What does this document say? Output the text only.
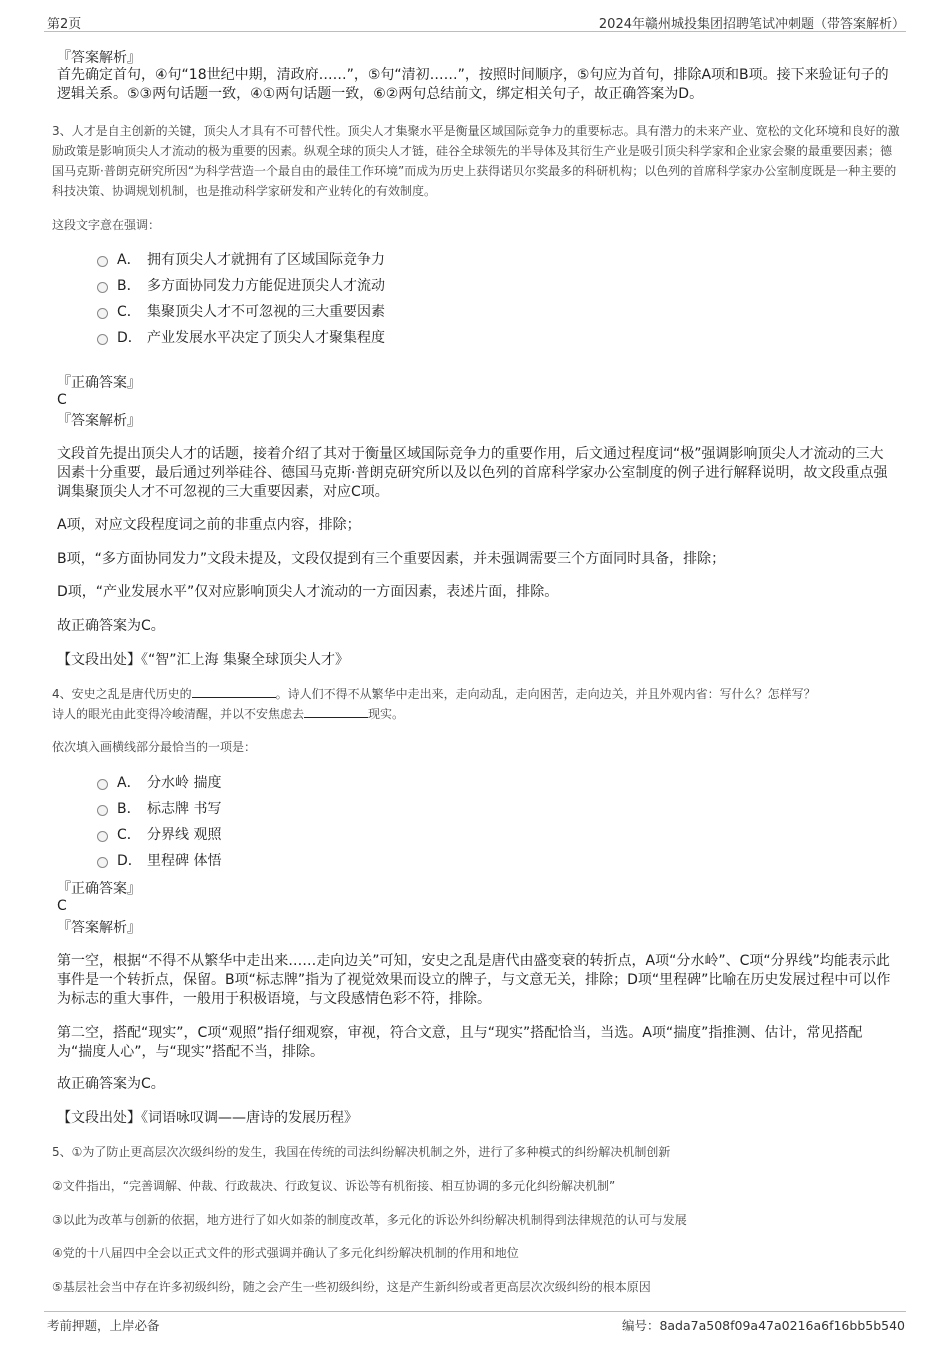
第2页	2024年赣州城投集团招聘笔试冲刺题（带答案解析）
『答案解析』
首先确定首句，④句“18世纪中期，清政府……”，⑤句“清初……”，按照时间顺序，⑤句应为首句，排除A项和B项。接下来验证句子的逻辑关系。⑤③两句话题一致，④①两句话题一致，⑥②两句总结前文，绑定相关句子，故正确答案为D。
3、人才是自主创新的关键，顶尖人才具有不可替代性。顶尖人才集聚水平是衡量区域国际竞争力的重要标志。具有潜力的未来产业、宽松的文化环境和良好的激励政策是影响顶尖人才流动的极为重要的因素。纵观全球的顶尖人才链，硅谷全球领先的半导体及其衍生产业是吸引顶尖科学家和企业家会聚的最重要因素；德国马克斯·普朗克研究所因“为科学营造一个最自由的最佳工作环境”而成为历史上获得诺贝尔奖最多的科研机构；以色列的首席科学家办公室制度既是一种主要的科技决策、协调规划机制，也是推动科学家研发和产业转化的有效制度。
这段文字意在强调：
A． 拥有顶尖人才就拥有了区域国际竞争力
B． 多方面协同发力方能促进顶尖人才流动
C． 集聚顶尖人才不可忽视的三大重要因素
D． 产业发展水平决定了顶尖人才聚集程度
『正确答案』
C
『答案解析』
文段首先提出顶尖人才的话题，接着介绍了其对于衡量区域国际竞争力的重要作用，后文通过程度词“极”强调影响顶尖人才流动的三大因素十分重要，最后通过列举硅谷、德国马克斯·普朗克研究所以及以色列的首席科学家办公室制度的例子进行解释说明，故文段重点强调集聚顶尖人才不可忽视的三大重要因素，对应C项。
A项，对应文段程度词之前的非重点内容，排除；
B项，“多方面协同发力”文段未提及，文段仅提到有三个重要因素，并未强调需要三个方面同时具备，排除；
D项，“产业发展水平”仅对应影响顶尖人才流动的一方面因素，表述片面，排除。
故正确答案为C。
【文段出处】《“智”汇上海 集聚全球顶尖人才》
4、安史之乱是唐代历史的	。诗人们不得不从繁华中走出来，走向动乱，走向困苦，走向边关，并且外观内省：写什么？怎样写？
诗人的眼光由此变得冷峻清醒，并以不安焦虑去	现实。
依次填入画横线部分最恰当的一项是：
A． 分水岭 揣度
B． 标志牌 书写
C． 分界线 观照
D． 里程碑 体悟
『正确答案』
C
『答案解析』
第一空，根据“不得不从繁华中走出来……走向边关”可知，安史之乱是唐代由盛变衰的转折点，A项“分水岭”、C项“分界线”均能表示此事件是一个转折点，保留。B项“标志牌”指为了视觉效果而设立的牌子，与文意无关，排除；D项“里程碑”比喻在历史发展过程中可以作为标志的重大事件，一般用于积极语境，与文段感情色彩不符，排除。
第二空，搭配“现实”，C项“观照”指仔细观察，审视，符合文意，且与“现实”搭配恰当，当选。A项“揣度”指推测、估计，常见搭配为“揣度人心”，与“现实”搭配不当，排除。
故正确答案为C。
【文段出处】《词语咏叹调——唐诗的发展历程》
5、①为了防止更高层次次级纠纷的发生，我国在传统的司法纠纷解决机制之外，进行了多种模式的纠纷解决机制创新
②文件指出，“完善调解、仲裁、行政裁决、行政复议、诉讼等有机衔接、相互协调的多元化纠纷解决机制”
③以此为改革与创新的依据，地方进行了如火如荼的制度改革，多元化的诉讼外纠纷解决机制得到法律规范的认可与发展
④党的十八届四中全会以正式文件的形式强调并确认了多元化纠纷解决机制的作用和地位
⑤基层社会当中存在许多初级纠纷，随之会产生一些初级纠纷，这是产生新纠纷或者更高层次次级纠纷的根本原因
考前押题，上岸必备	编号：8ada7a508f09a47a0216a6f16bb5b540
